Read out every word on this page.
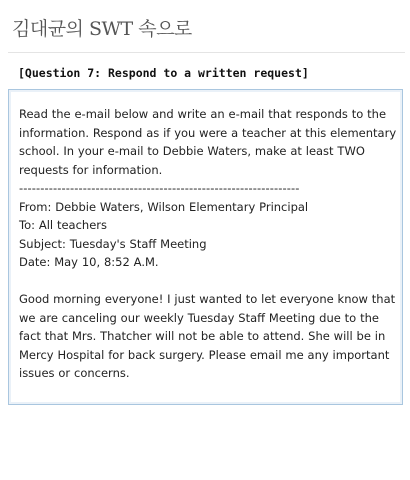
김대균의 SWT 속으로
[Question 7: Respond to a written request]

Read the e-mail below and write an e-mail that responds to the information. Respond as if you were a teacher at this elementary school. In your e-mail to Debbie Waters, make at least TWO requests for information.

------------------------------------------------------------------

From: Debbie Waters, Wilson Elementary Principal

To: All teachers

Subject: Tuesday's Staff Meeting

Date: May 10, 8:52 A.M.

Good morning everyone! I just wanted to let everyone know that we are canceling our weekly Tuesday Staff Meeting due to the fact that Mrs. Thatcher will not be able to attend. She will be in Mercy Hospital for back surgery. Please email me any important issues or concerns.
